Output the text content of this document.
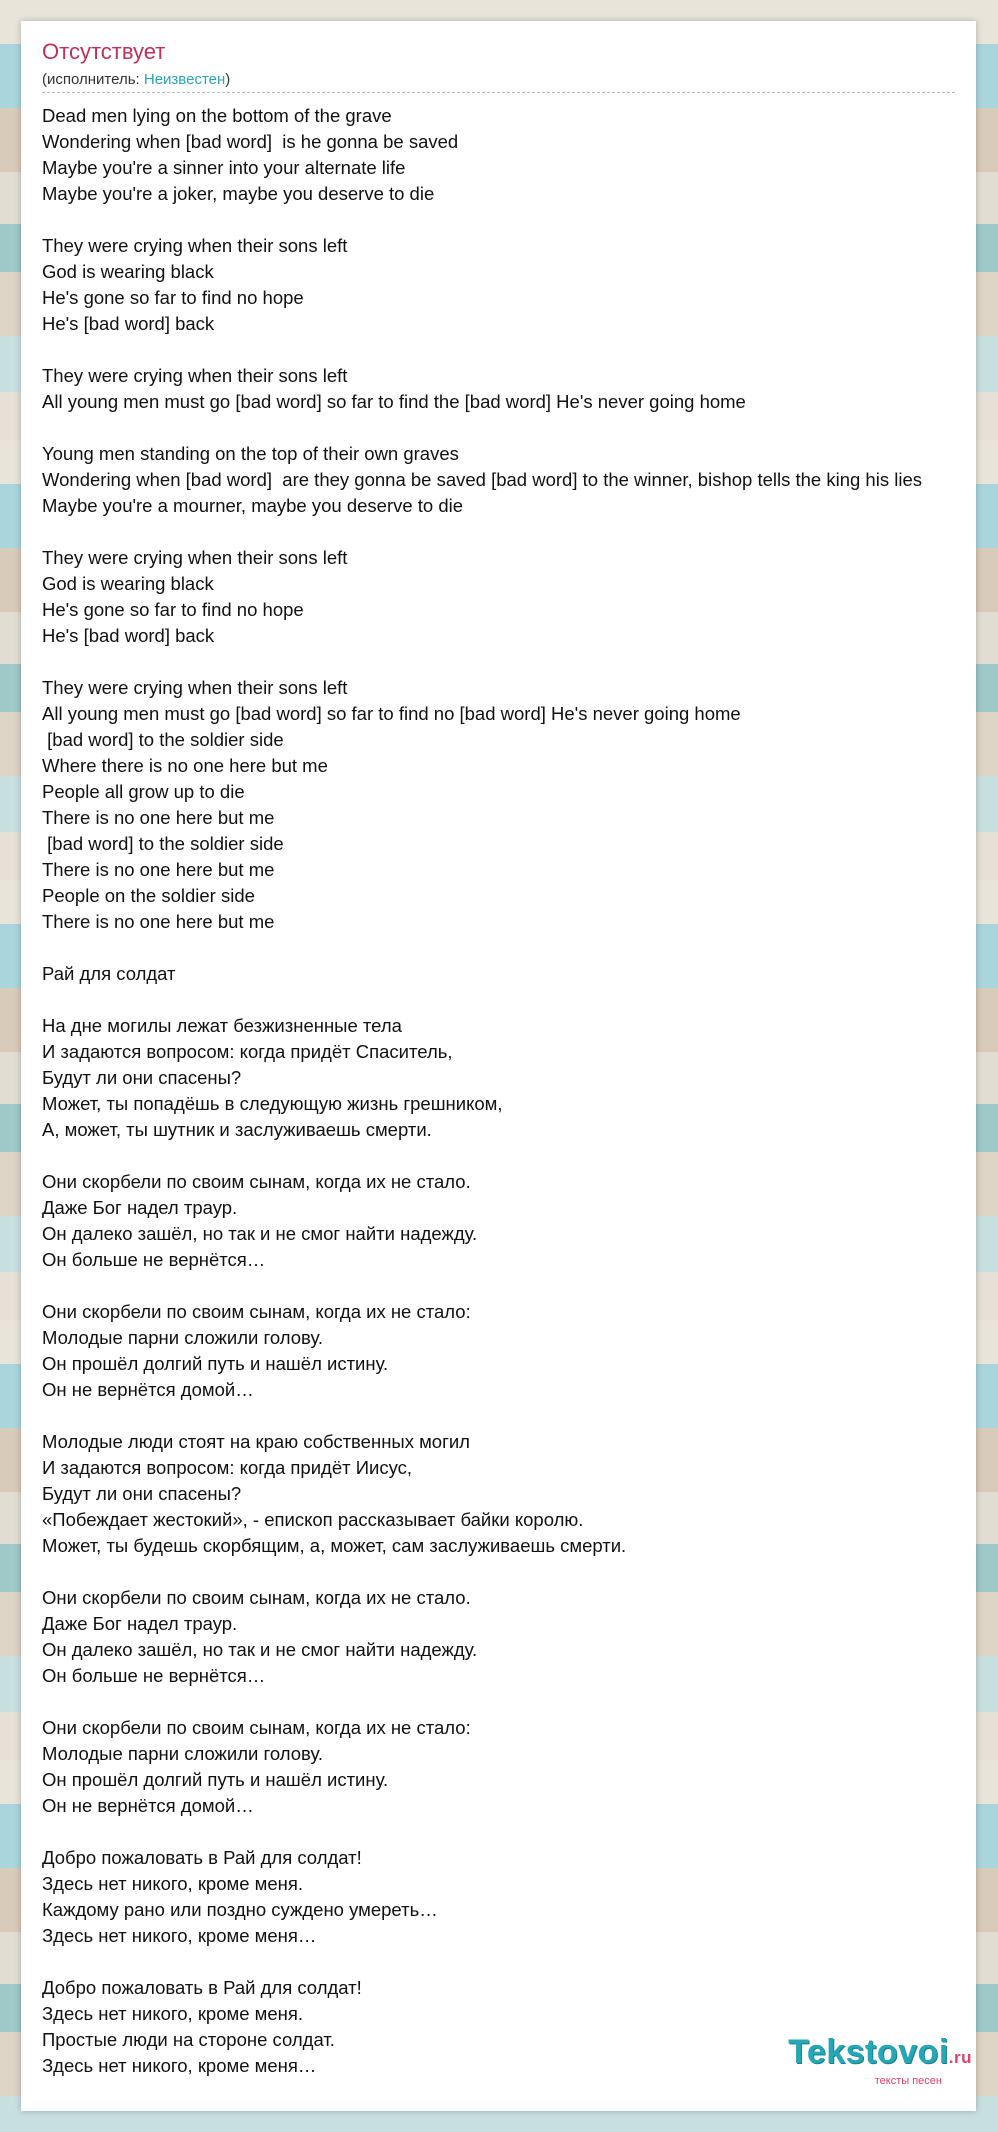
Отсутствует
(исполнитель: Неизвестен)
Dead men lying on the bottom of the grave
Wondering when [bad word]  is he gonna be saved
Maybe you're a sinner into your alternate life
Maybe you're a joker, maybe you deserve to die
They were crying when their sons left
God is wearing black
He's gone so far to find no hope
He's [bad word] back
They were crying when their sons left
All young men must go [bad word] so far to find the [bad word] He's never going home
Young men standing on the top of their own graves
Wondering when [bad word]  are they gonna be saved [bad word] to the winner, bishop tells the king his lies
Maybe you're a mourner, maybe you deserve to die
They were crying when their sons left
God is wearing black
He's gone so far to find no hope
He's [bad word] back
They were crying when their sons left
All young men must go [bad word] so far to find no [bad word] He's never going home
[bad word] to the soldier side
Where there is no one here but me
People all grow up to die
There is no one here but me
[bad word] to the soldier side
There is no one here but me
People on the soldier side
There is no one here but me
Рай для солдат
На дне могилы лежат безжизненные тела
И задаются вопросом: когда придёт Спаситель,
Будут ли они спасены?
Может, ты попадёшь в следующую жизнь грешником,
А, может, ты шутник и заслуживаешь смерти.
Они скорбели по своим сынам, когда их не стало.
Даже Бог надел траур.
Он далеко зашёл, но так и не смог найти надежду.
Он больше не вернётся…
Они скорбели по своим сынам, когда их не стало:
Молодые парни сложили голову.
Он прошёл долгий путь и нашёл истину.
Он не вернётся домой…
Молодые люди стоят на краю собственных могил
И задаются вопросом: когда придёт Иисус,
Будут ли они спасены?
«Побеждает жестокий», - епископ рассказывает байки королю.
Может, ты будешь скорбящим, а, может, сам заслуживаешь смерти.
Они скорбели по своим сынам, когда их не стало.
Даже Бог надел траур.
Он далеко зашёл, но так и не смог найти надежду.
Он больше не вернётся…
Они скорбели по своим сынам, когда их не стало:
Молодые парни сложили голову.
Он прошёл долгий путь и нашёл истину.
Он не вернётся домой…
Добро пожаловать в Рай для солдат!
Здесь нет никого, кроме меня.
Каждому рано или поздно суждено умереть…
Здесь нет никого, кроме меня…
Добро пожаловать в Рай для солдат!
Здесь нет никого, кроме меня.
Простые люди на стороне солдат.
Здесь нет никого, кроме меня…	Tekstovoi.ru
тексты песен
